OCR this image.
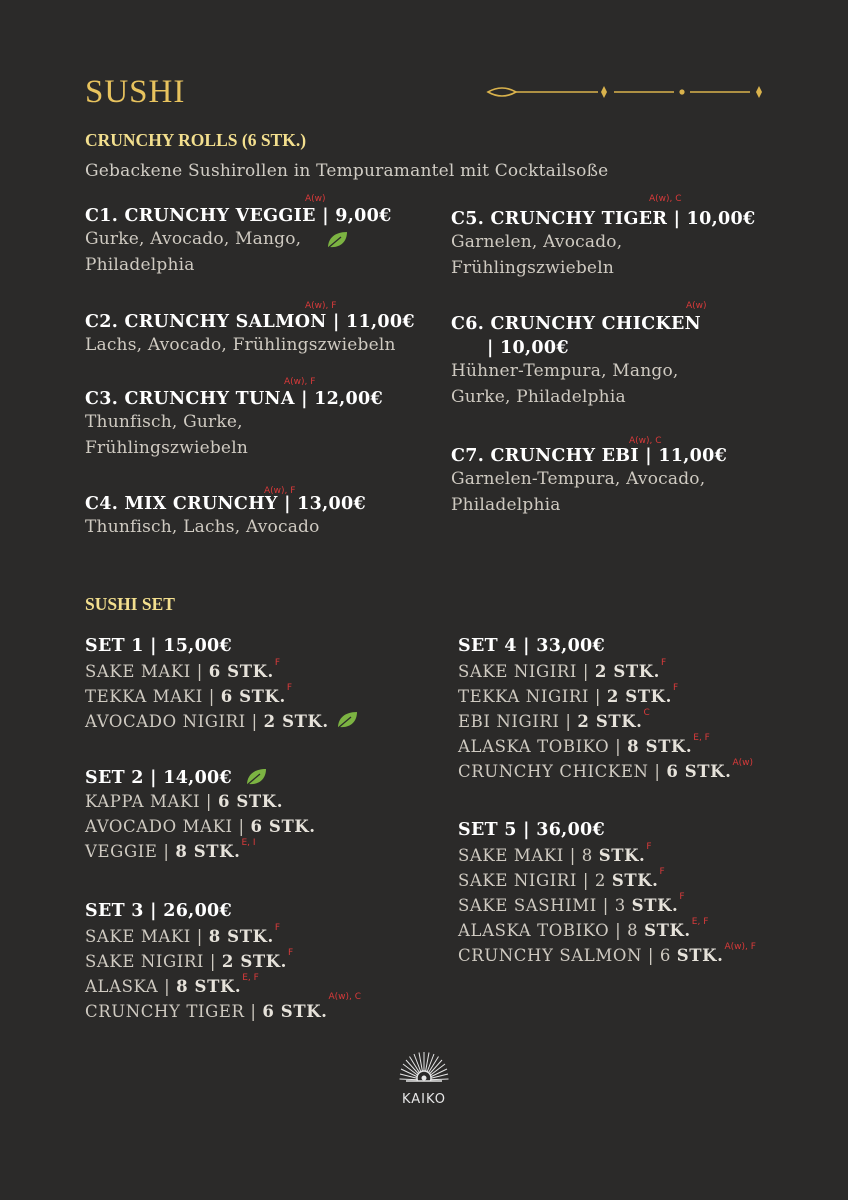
SUSHI
CRUNCHY ROLLS (6 STK.)
Gebackene Sushirollen in Tempuramantel mit Cocktailsoße
C1. CRUNCHY VEGGIE | 9,00€
Gurke, Avocado, Mango,
Philadelphia
A(w)
C2. CRUNCHY SALMON | 11,00€
Lachs, Avocado, Frühlingszwiebeln
A(w), F
C3. CRUNCHY TUNA | 12,00€
Thunfisch, Gurke,
Frühlingszwiebeln
A(w), F
C4. MIX CRUNCHY | 13,00€
Thunfisch, Lachs, Avocado
A(w), F
C5. CRUNCHY TIGER | 10,00€
Garnelen, Avocado,
Frühlingszwiebeln
A(w), C
C6. CRUNCHY CHICKEN
| 10,00€
Hühner-Tempura, Mango,
Gurke, Philadelphia
A(w)
C7. CRUNCHY EBI | 11,00€
Garnelen-Tempura, Avocado,
Philadelphia
A(w), C
SUSHI SET
SET 1 | 15,00€
SAKE MAKI | 6 STK.$^F$
TEKKA MAKI | 6 STK.$^F$
AVOCADO NIGIRI | 2 STK.
SET 2 | 14,00€
KAPPA MAKI | 6 STK.
AVOCADO MAKI | 6 STK.
VEGGIE | 8 STK.$^{E, I}$
SET 3 | 26,00€
SAKE MAKI | 8 STK.$^F$
SAKE NIGIRI | 2 STK.$^F$
ALASKA | 8 STK.$^{E, F}$
CRUNCHY TIGER | 6 STK.$^{A(w), C}$
SET 4 | 33,00€
SAKE NIGIRI | 2 STK.$^F$
TEKKA NIGIRI | 2 STK.$^F$
EBI NIGIRI | 2 STK.$^C$
ALASKA TOBIKO | 8 STK.$^{E, F}$
CRUNCHY CHICKEN | 6 STK.$^{A(w)}$
SET 5 | 36,00€
SAKE MAKI | 8 STK.$^F$
SAKE NIGIRI | 2 STK.$^F$
SAKE SASHIMI | 3 STK.$^F$
ALASKA TOBIKO | 8 STK.$^{E, F}$
CRUNCHY SALMON | 6 STK.$^{A(w), F}$
KAIKO
